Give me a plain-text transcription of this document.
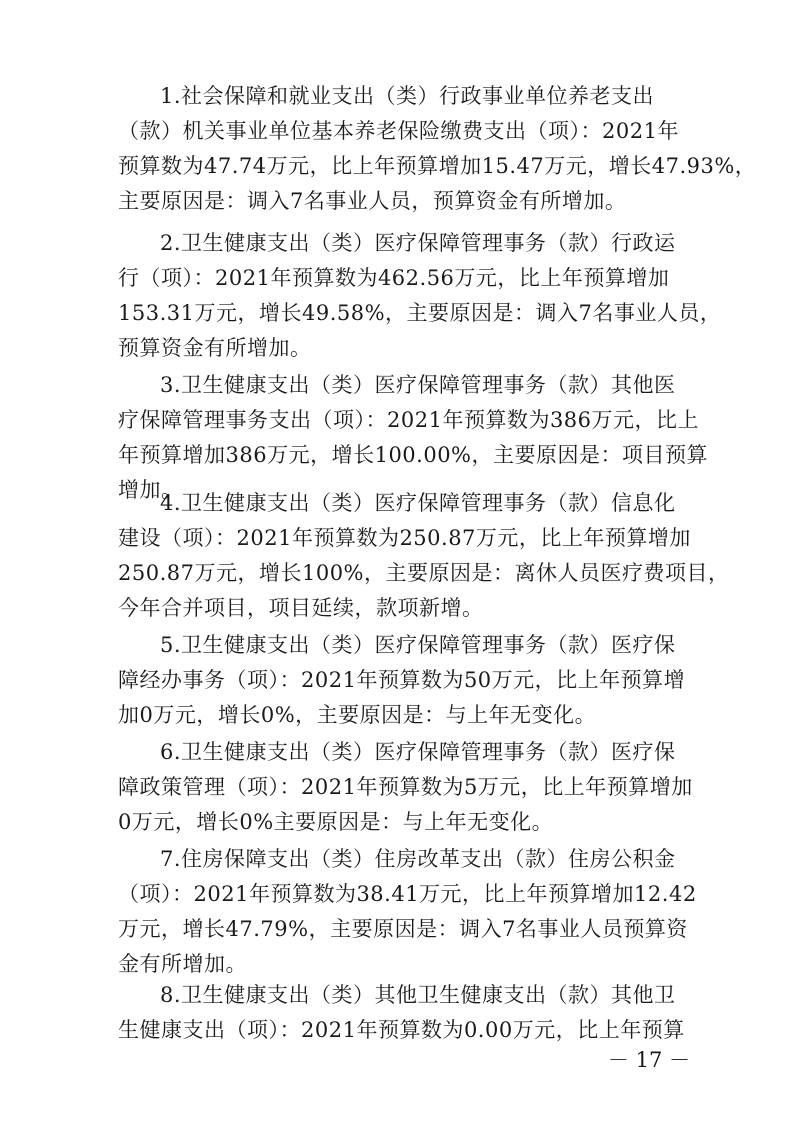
1.社会保障和就业支出（类）行政事业单位养老支出
（款）机关事业单位基本养老保险缴费支出（项）：2021年
预算数为47.74万元，比上年预算增加15.47万元，增长47.93%，
主要原因是：调入7名事业人员，预算资金有所增加。
2.卫生健康支出（类）医疗保障管理事务（款）行政运
行（项）：2021年预算数为462.56万元，比上年预算增加
153.31万元，增长49.58%，主要原因是：调入7名事业人员，
预算资金有所增加。
3.卫生健康支出（类）医疗保障管理事务（款）其他医
疗保障管理事务支出（项）：2021年预算数为386万元，比上
年预算增加386万元，增长100.00%，主要原因是：项目预算
增加。
4.卫生健康支出（类）医疗保障管理事务（款）信息化
建设（项）：2021年预算数为250.87万元，比上年预算增加
250.87万元，增长100%，主要原因是：离休人员医疗费项目，
今年合并项目，项目延续，款项新增。
5.卫生健康支出（类）医疗保障管理事务（款）医疗保
障经办事务（项）：2021年预算数为50万元，比上年预算增
加0万元，增长0%，主要原因是：与上年无变化。
6.卫生健康支出（类）医疗保障管理事务（款）医疗保
障政策管理（项）：2021年预算数为5万元，比上年预算增加
0万元，增长0%主要原因是：与上年无变化。
7.住房保障支出（类）住房改革支出（款）住房公积金
（项）：2021年预算数为38.41万元，比上年预算增加12.42
万元，增长47.79%，主要原因是：调入7名事业人员预算资
金有所增加。
8.卫生健康支出（类）其他卫生健康支出（款）其他卫
生健康支出（项）：2021年预算数为0.00万元，比上年预算
－ 17 －
